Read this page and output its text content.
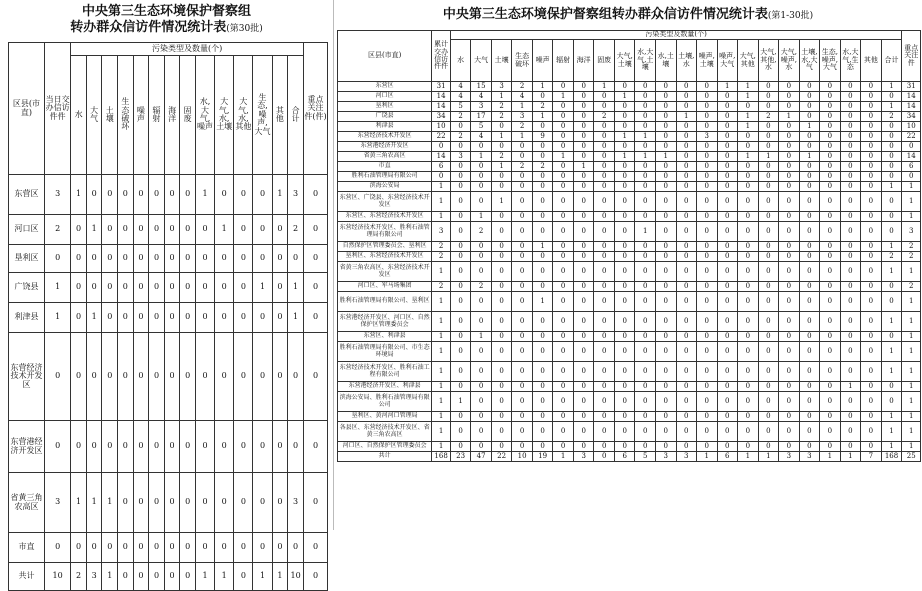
中央第三生态环境保护督察组
转办群众信访件情况统计表(第30批)
区县(市直)	当日交办信访件件	污染类型及数量(个)														重点关注件(件)
		水	大气	土壤	生态破坏	噪声	辐射	海洋	固废	水,大气,噪声	大气,水,土壤	大气,水,其他	生态,噪声,大气	其他	合计	
东营区	3	1	0	0	0	0	0	0	0	1	0	0	0	1	3	0
河口区	2	0	1	0	0	0	0	0	0	0	1	0	0	0	2	0
垦利区	0	0	0	0	0	0	0	0	0	0	0	0	0	0	0	0
广饶县	1	0	0	0	0	0	0	0	0	0	0	0	1	0	1	0
利津县	1	0	1	0	0	0	0	0	0	0	0	0	0	0	1	0
东营经济技术开发区	0	0	0	0	0	0	0	0	0	0	0	0	0	0	0	0
东营港经济开发区	0	0	0	0	0	0	0	0	0	0	0	0	0	0	0	0
省黄三角农高区	3	1	1	1	0	0	0	0	0	0	0	0	0	0	3	0
市直	0	0	0	0	0	0	0	0	0	0	0	0	0	0	0	0
共计	10	2	3	1	0	0	0	0	0	1	1	0	1	1	10	0
中央第三生态环境保护督察组转办群众信访件情况统计表(第1-30批)
区县(市直)	累计交办信访件件	污染类型及数量(个)																						重点关注件
		水	大气	土壤	生态破坏	噪声	辐射	海洋	固废	大气,土壤	水,大气,土壤	水,土壤	土壤,水	噪声,土壤	噪声,大气	大气,其他	大气,其他,水	大气,噪声,水	土壤,水,大气	生态,噪声,大气	水,大气,生态	其他	合计	
东营区	31	4	15	3	2	1	0	0	1	0	0	0	0	0	1	1	0	0	0	0	0	0	1	31
河口区	14	4	4	1	4	0	1	0	0	1	0	0	0	0	0	1	0	0	0	0	0	0	0	14
垦利区	14	5	3	2	1	2	0	0	0	0	0	0	0	0	0	0	0	0	0	0	0	0	1	14
广饶县	34	2	17	2	3	1	0	0	2	0	0	0	1	0	0	1	2	1	0	0	0	0	2	34
利津县	10	0	5	0	2	0	0	0	0	0	0	0	0	0	0	1	0	0	1	0	0	0	0	10
东营经济技术开发区	22	2	4	1	1	9	0	0	0	1	1	0	0	3	0	0	0	0	0	0	0	0	0	22
东营港经济开发区	0	0	0	0	0	0	0	0	0	0	0	0	0	0	0	0	0	0	0	0	0	0	0	0
省黄三角农高区	14	3	1	2	0	0	1	0	0	1	1	1	0	0	0	1	1	0	1	0	0	0	0	14
市直	6	0	0	1	2	2	0	1	0	0	0	0	0	0	0	0	0	0	0	0	0	0	0	6
胜利石油管理局有限公司	0	0	0	0	0	0	0	0	0	0	0	0	0	0	0	0	0	0	0	0	0	0	0	0
滨海公安局	1	0	0	0	0	0	0	0	0	0	0	0	0	0	0	0	0	0	0	0	0	0	1	1
东营区、广饶县、东营经济技术开发区	1	0	0	1	0	0	0	0	0	0	0	0	0	0	0	0	0	0	0	0	0	0	0	1
东营区、东营经济技术开发区	1	0	1	0	0	0	0	0	0	0	0	0	0	0	0	0	0	0	0	0	0	0	0	1
东营经济技术开发区、胜利石油管理局有限公司	3	0	2	0	0	0	0	0	0	0	1	0	0	0	0	0	0	0	0	0	0	0	0	3
自然保护区管理委员会、垦利区	2	0	0	0	0	1	0	0	0	0	0	0	0	0	0	0	0	0	0	0	0	0	1	2
垦利区、东营经济技术开发区	2	0	0	0	0	0	0	0	0	0	0	0	0	0	0	0	0	0	0	0	0	0	2	2
省黄三角农高区、东营经济技术开发区	1	0	0	0	0	0	0	0	0	0	0	0	0	0	0	0	0	0	0	0	0	0	1	1
河口区、军马场集团	2	0	2	0	0	0	0	0	0	0	0	0	0	0	0	0	0	0	0	0	0	0	0	2
胜利石油管理局有限公司、垦利区	1	0	0	0	0	1	0	0	0	0	0	0	0	0	0	0	0	0	0	0	0	0	0	1
东营港经济开发区、河口区、自然保护区管理委员会	1	0	0	0	0	0	0	0	0	0	0	0	0	0	0	0	0	0	0	0	0	0	1	1
东营区、利津县	1	0	1	0	0	0	0	0	0	0	0	0	0	0	0	0	0	0	0	0	0	0	0	1
胜利石油管理局有限公司、市生态环境局	1	0	0	0	0	0	0	0	0	0	0	0	0	0	0	0	0	0	0	0	0	0	1	1
东营经济技术开发区、胜利石油工程有限公司	1	0	0	0	0	0	0	0	0	0	0	0	0	0	0	0	0	0	0	0	0	0	1	1
东营港经济开发区、利津县	1	0	0	0	0	0	0	0	0	0	0	0	0	0	0	0	0	0	0	0	1	0	0	1
滨海公安局、胜利石油管理局有限公司	1	1	0	0	0	0	0	0	0	0	0	0	0	0	0	0	0	0	0	0	0	0	0	1
垦利区、黄河河口管理局	1	0	0	0	0	0	0	0	0	0	0	0	0	0	0	0	0	0	0	0	0	0	1	1
各县区、东营经济技术开发区、省黄三角农高区	1	0	0	0	0	0	0	0	0	0	0	0	0	0	0	0	0	0	0	0	0	0	1	1
河口区、自然保护区管理委员会	1	0	0	0	0	0	0	0	0	0	0	0	0	0	0	0	0	0	0	0	0	0	1	1
共计	168	23	47	22	10	19	1	3	0	6	5	3	3	1	6	1	1	3	3	1	1	7	168	25
